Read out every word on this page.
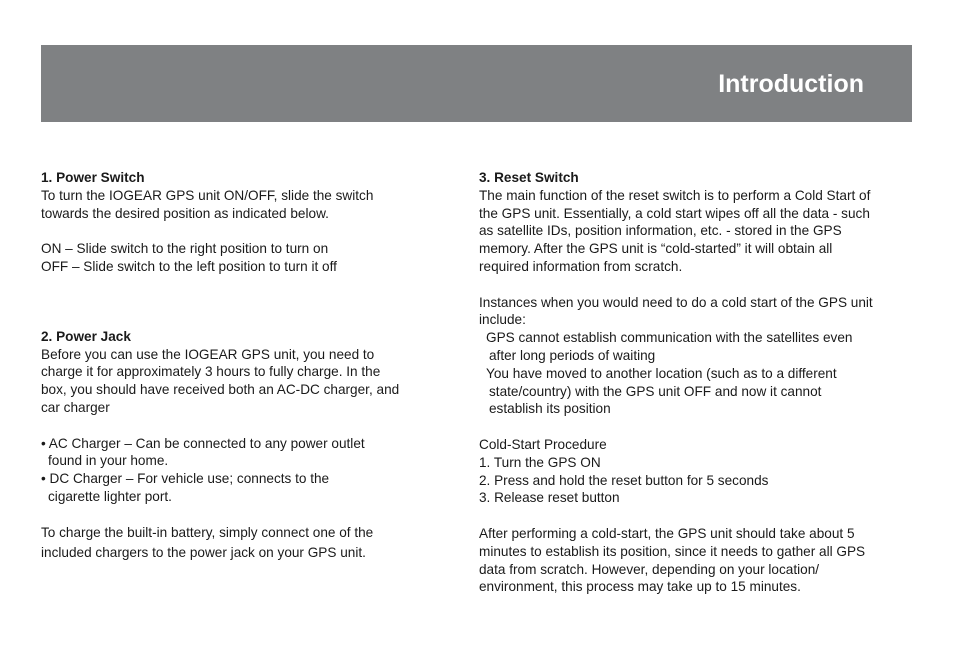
Introduction
1. Power Switch
To turn the IOGEAR GPS unit ON/OFF, slide the switch
towards the desired position as indicated below.
ON – Slide switch to the right position to turn on
OFF – Slide switch to the left position to turn it off
2. Power Jack
Before you can use the IOGEAR GPS unit, you need to
charge it for approximately 3 hours to fully charge. In the
box, you should have received both an AC-DC charger, and
car charger
• AC Charger – Can be connected to any power outlet
found in your home.
• DC Charger – For vehicle use; connects to the
cigarette lighter port.
To charge the built-in battery, simply connect one of the
included chargers to the power jack on your GPS unit.
3. Reset Switch
The main function of the reset switch is to perform a Cold Start of
the GPS unit. Essentially, a cold start wipes off all the data - such
as satellite IDs, position information, etc. - stored in the GPS
memory. After the GPS unit is “cold-started” it will obtain all
required information from scratch.
Instances when you would need to do a cold start of the GPS unit
include:
GPS cannot establish communication with the satellites even
after long periods of waiting
You have moved to another location (such as to a different
state/country) with the GPS unit OFF and now it cannot
establish its position
Cold-Start Procedure
1. Turn the GPS ON
2. Press and hold the reset button for 5 seconds
3. Release reset button
After performing a cold-start, the GPS unit should take about 5
minutes to establish its position, since it needs to gather all GPS
data from scratch. However, depending on your location/
environment, this process may take up to 15 minutes.
